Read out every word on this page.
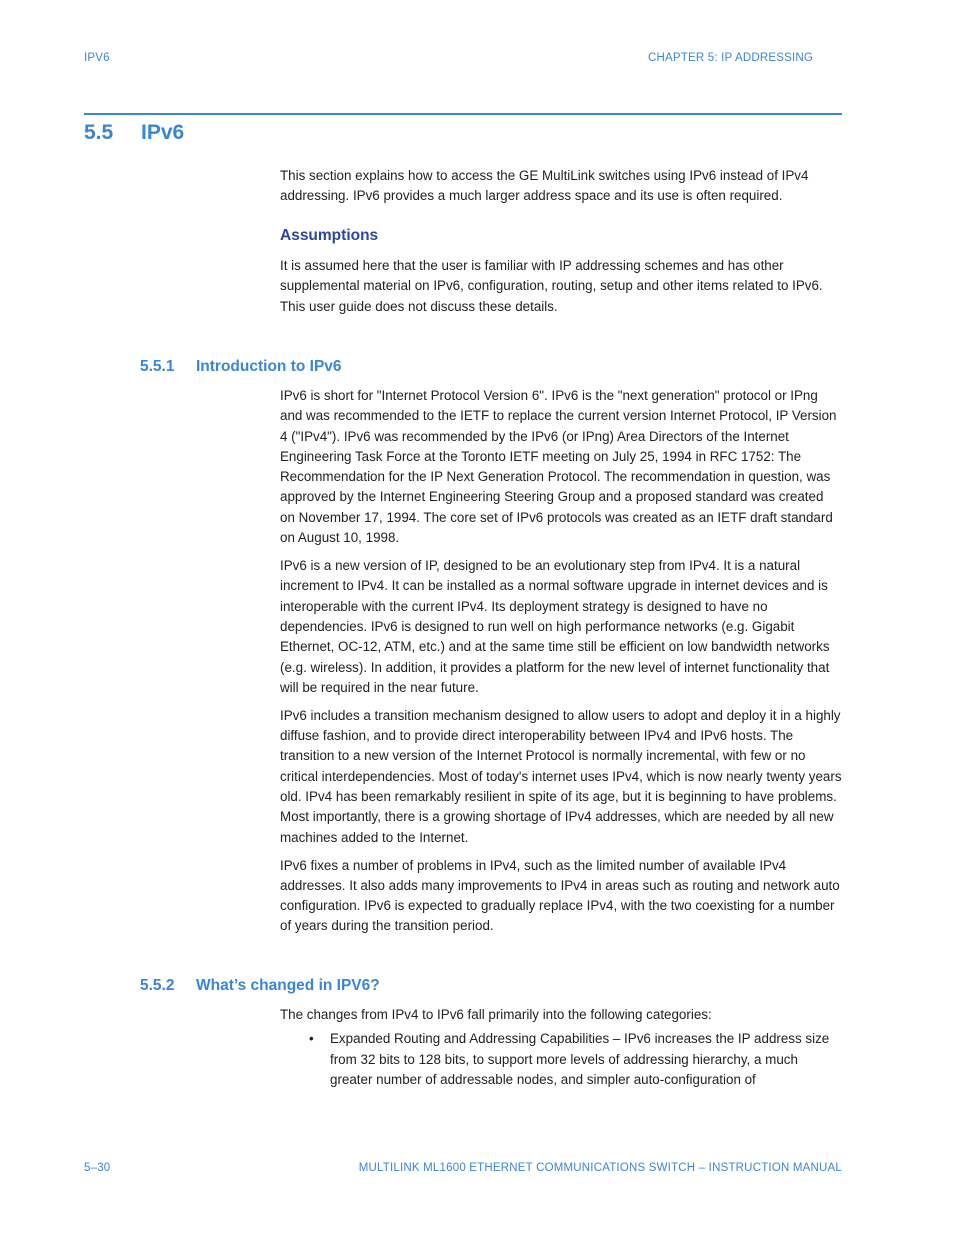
IPV6	CHAPTER 5: IP ADDRESSING
5.5 IPv6

This section explains how to access the GE MultiLink switches using IPv6 instead of IPv4 addressing. IPv6 provides a much larger address space and its use is often required.

Assumptions

It is assumed here that the user is familiar with IP addressing schemes and has other supplemental material on IPv6, configuration, routing, setup and other items related to IPv6. This user guide does not discuss these details.

5.5.1 Introduction to IPv6

IPv6 is short for "Internet Protocol Version 6". IPv6 is the "next generation" protocol or IPng and was recommended to the IETF to replace the current version Internet Protocol, IP Version 4 ("IPv4"). IPv6 was recommended by the IPv6 (or IPng) Area Directors of the Internet Engineering Task Force at the Toronto IETF meeting on July 25, 1994 in RFC 1752: The Recommendation for the IP Next Generation Protocol. The recommendation in question, was approved by the Internet Engineering Steering Group and a proposed standard was created on November 17, 1994. The core set of IPv6 protocols was created as an IETF draft standard on August 10, 1998.

IPv6 is a new version of IP, designed to be an evolutionary step from IPv4. It is a natural increment to IPv4. It can be installed as a normal software upgrade in internet devices and is interoperable with the current IPv4. Its deployment strategy is designed to have no dependencies. IPv6 is designed to run well on high performance networks (e.g. Gigabit Ethernet, OC-12, ATM, etc.) and at the same time still be efficient on low bandwidth networks (e.g. wireless). In addition, it provides a platform for the new level of internet functionality that will be required in the near future.

IPv6 includes a transition mechanism designed to allow users to adopt and deploy it in a highly diffuse fashion, and to provide direct interoperability between IPv4 and IPv6 hosts. The transition to a new version of the Internet Protocol is normally incremental, with few or no critical interdependencies. Most of today's internet uses IPv4, which is now nearly twenty years old. IPv4 has been remarkably resilient in spite of its age, but it is beginning to have problems. Most importantly, there is a growing shortage of IPv4 addresses, which are needed by all new machines added to the Internet.

IPv6 fixes a number of problems in IPv4, such as the limited number of available IPv4 addresses. It also adds many improvements to IPv4 in areas such as routing and network auto configuration. IPv6 is expected to gradually replace IPv4, with the two coexisting for a number of years during the transition period.

5.5.2 What’s changed in IPV6?
The changes from IPv4 to IPv6 fall primarily into the following categories:
• Expanded Routing and Addressing Capabilities – IPv6 increases the IP address size from 32 bits to 128 bits, to support more levels of addressing hierarchy, a much greater number of addressable nodes, and simpler auto-configuration of
5–30	MULTILINK ML1600 ETHERNET COMMUNICATIONS SWITCH – INSTRUCTION MANUAL
